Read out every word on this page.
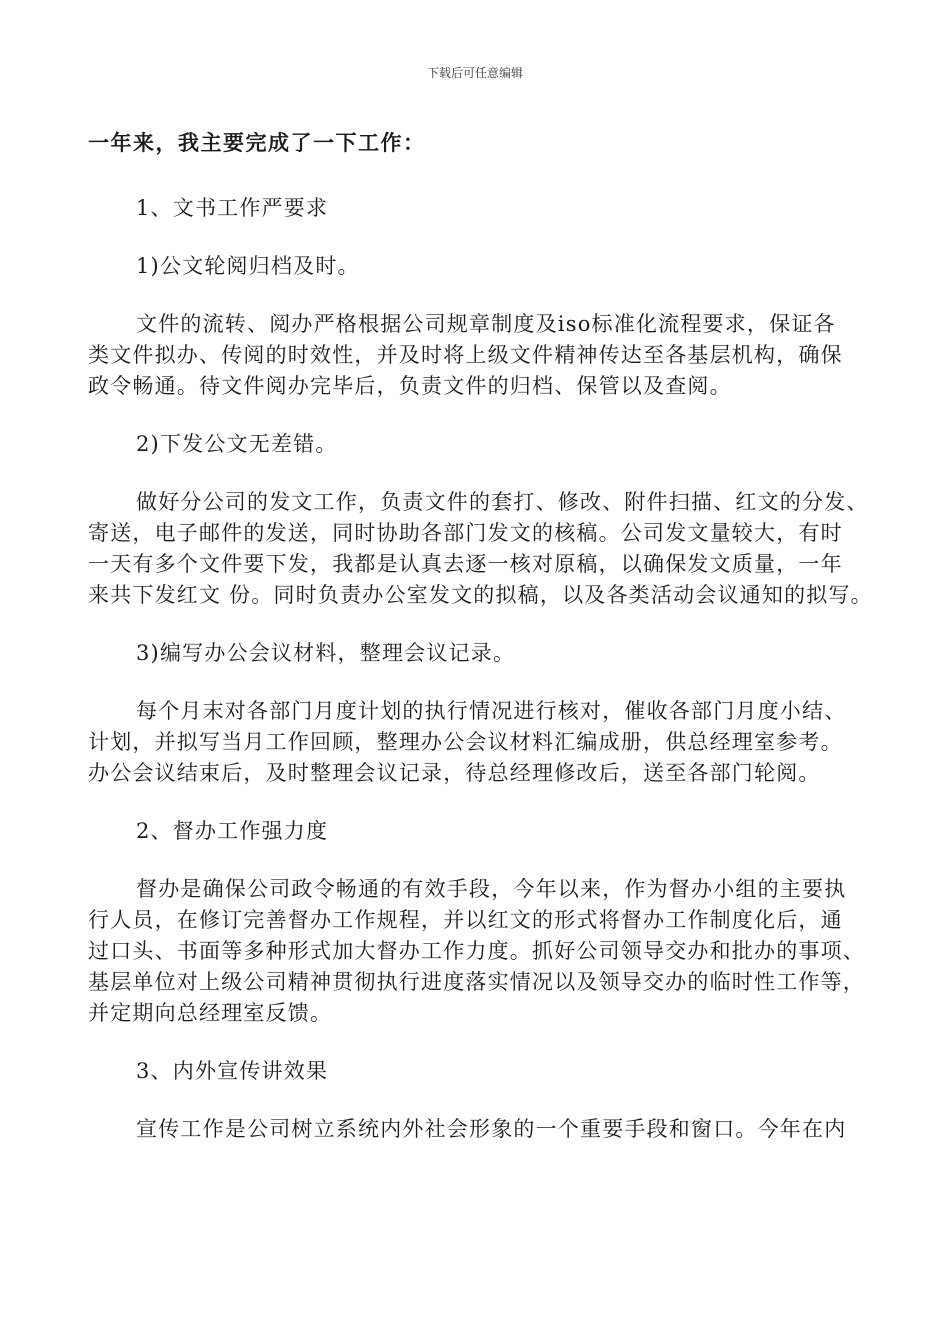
下载后可任意编辑
一年来，我主要完成了一下工作：
1、文书工作严要求
1)公文轮阅归档及时。
文件的流转、阅办严格根据公司规章制度及iso标准化流程要求，保证各
类文件拟办、传阅的时效性，并及时将上级文件精神传达至各基层机构，确保
政令畅通。待文件阅办完毕后，负责文件的归档、保管以及查阅。
2)下发公文无差错。
做好分公司的发文工作，负责文件的套打、修改、附件扫描、红文的分发、
寄送，电子邮件的发送，同时协助各部门发文的核稿。公司发文量较大，有时
一天有多个文件要下发，我都是认真去逐一核对原稿，以确保发文质量，一年
来共下发红文 份。同时负责办公室发文的拟稿，以及各类活动会议通知的拟写。
3)编写办公会议材料，整理会议记录。
每个月末对各部门月度计划的执行情况进行核对，催收各部门月度小结、
计划，并拟写当月工作回顾，整理办公会议材料汇编成册，供总经理室参考。
办公会议结束后，及时整理会议记录，待总经理修改后，送至各部门轮阅。
2、督办工作强力度
督办是确保公司政令畅通的有效手段，今年以来，作为督办小组的主要执
行人员，在修订完善督办工作规程，并以红文的形式将督办工作制度化后，通
过口头、书面等多种形式加大督办工作力度。抓好公司领导交办和批办的事项、
基层单位对上级公司精神贯彻执行进度落实情况以及领导交办的临时性工作等，
并定期向总经理室反馈。
3、内外宣传讲效果
宣传工作是公司树立系统内外社会形象的一个重要手段和窗口。今年在内
